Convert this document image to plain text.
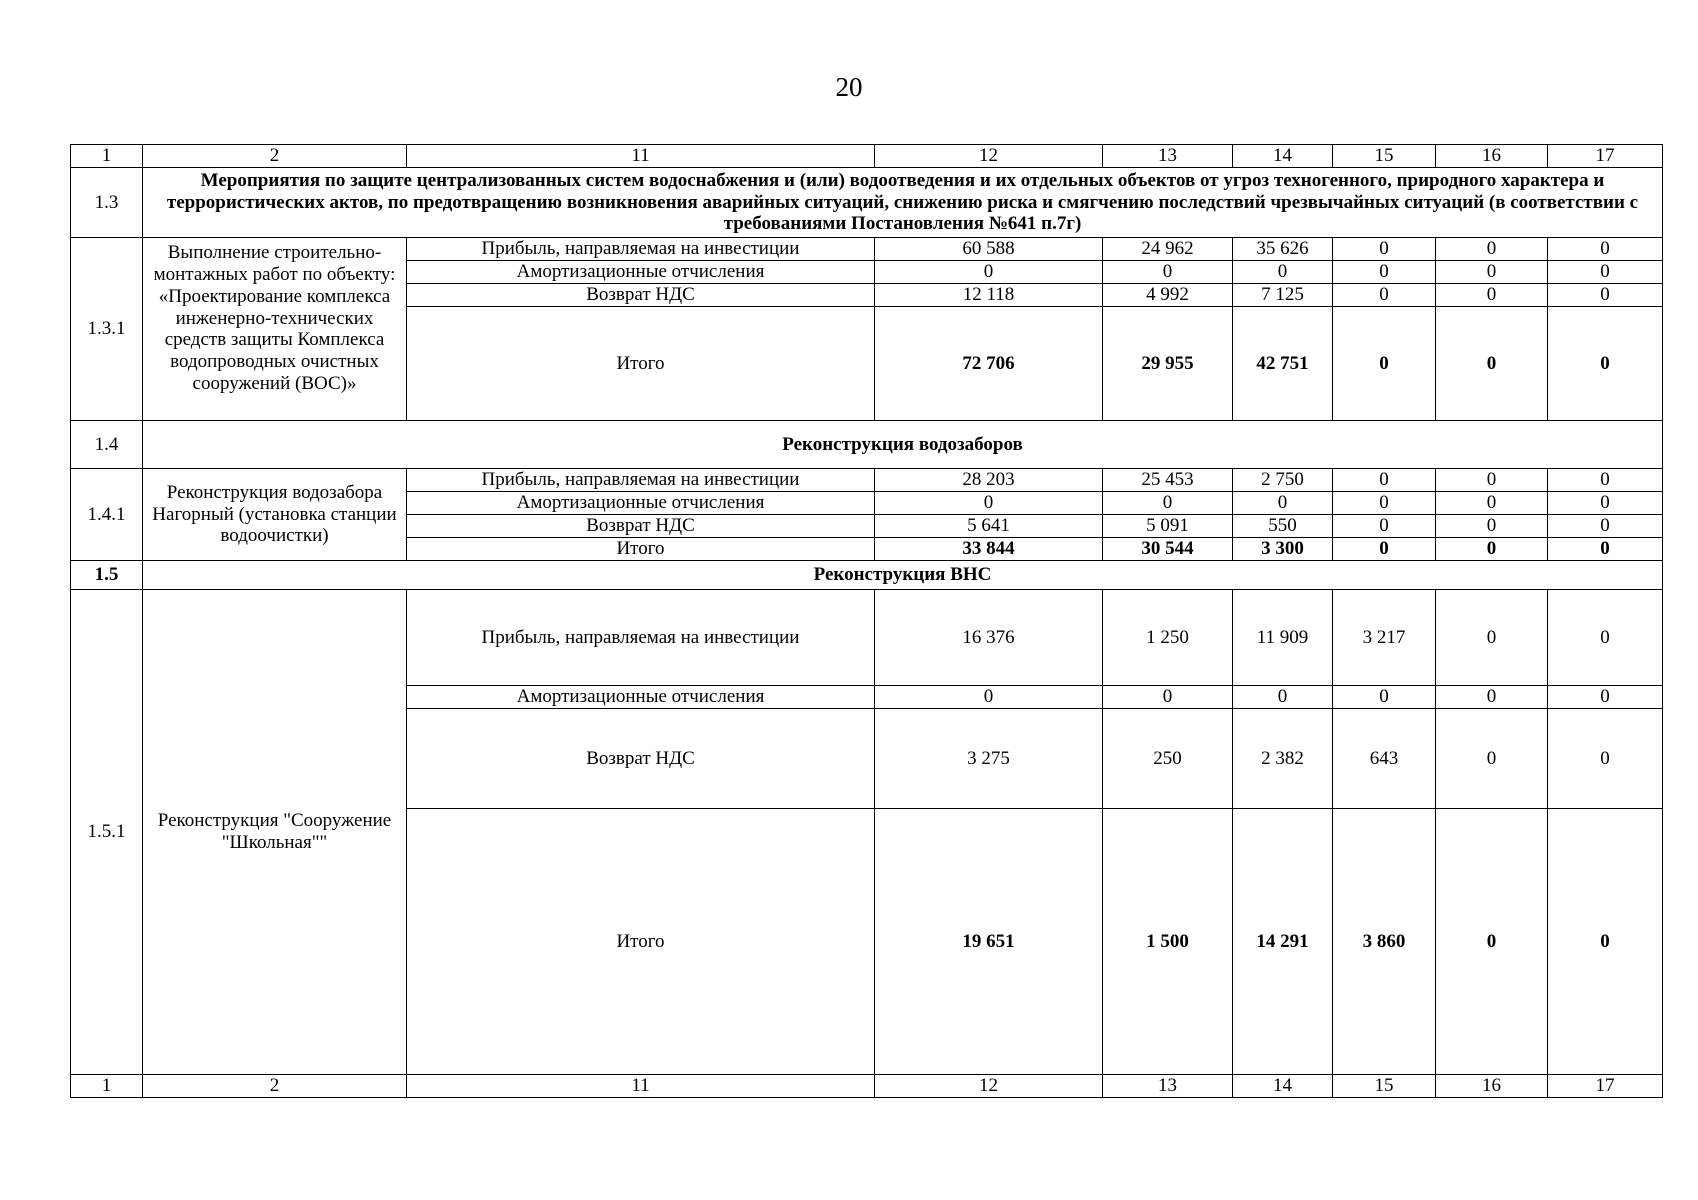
20
1	2	11	12	13	14	15	16	17
1.3	Мероприятия по защите централизованных систем водоснабжения и (или) водоотведения и их отдельных объектов от угроз техногенного, природного характера и террористических актов, по предотвращению возникновения аварийных ситуаций, снижению риска и смягчению последствий чрезвычайных ситуаций (в соответствии с требованиями Постановления №641 п.7г)							
1.3.1	Выполнение строительно-монтажных работ по объекту: «Проектирование комплекса инженерно-технических средств защиты Комплекса водопроводных очистных сооружений (ВОС)»	Прибыль, направляемая на инвестиции	60 588	24 962	35 626	0	0	0
		Амортизационные отчисления	0	0	0	0	0	0
		Возврат НДС	12 118	4 992	7 125	0	0	0
		Итого	72 706	29 955	42 751	0	0	0
1.4	Реконструкция водозаборов							
1.4.1	Реконструкция водозабора Нагорный (установка станции водоочистки)	Прибыль, направляемая на инвестиции	28 203	25 453	2 750	0	0	0
		Амортизационные отчисления	0	0	0	0	0	0
		Возврат НДС	5 641	5 091	550	0	0	0
		Итого	33 844	30 544	3 300	0	0	0
1.5	Реконструкция ВНС							
1.5.1	Реконструкция "Сооружение "Школьная""	Прибыль, направляемая на инвестиции	16 376	1 250	11 909	3 217	0	0
		Амортизационные отчисления	0	0	0	0	0	0
		Возврат НДС	3 275	250	2 382	643	0	0
		Итого	19 651	1 500	14 291	3 860	0	0
1	2	11	12	13	14	15	16	17
